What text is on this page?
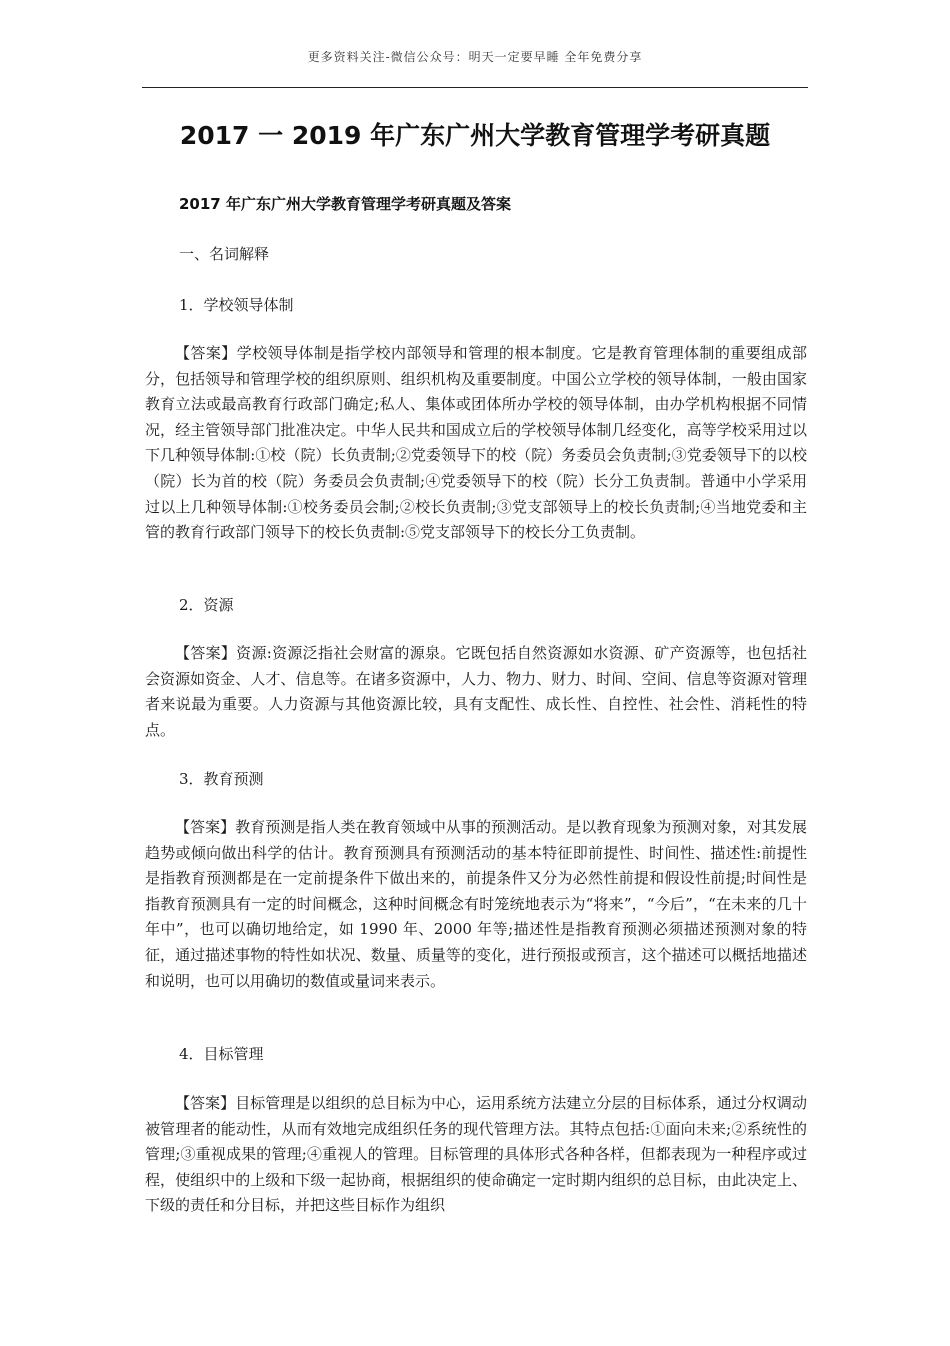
更多资料关注-微信公众号：明天一定要早睡 全年免费分享
2017 一 2019 年广东广州大学教育管理学考研真题
2017 年广东广州大学教育管理学考研真题及答案
一、名词解释
1．学校领导体制

【答案】学校领导体制是指学校内部领导和管理的根本制度。它是教育管理体制的重要组成部分，包括领导和管理学校的组织原则、组织机构及重要制度。中国公立学校的领导体制，一般由国家教育立法或最高教育行政部门确定;私人、集体或团体所办学校的领导体制，由办学机构根据不同情况，经主管领导部门批准决定。中华人民共和国成立后的学校领导体制几经变化，高等学校采用过以下几种领导体制:①校（院）长负责制;②党委领导下的校（院）务委员会负责制;③党委领导下的以校（院）长为首的校（院）务委员会负责制;④党委领导下的校（院）长分工负责制。普通中小学采用过以上几种领导体制:①校务委员会制;②校长负责制;③党支部领导上的校长负责制;④当地党委和主管的教育行政部门领导下的校长负责制:⑤党支部领导下的校长分工负责制。

2．资源

【答案】资源:资源泛指社会财富的源泉。它既包括自然资源如水资源、矿产资源等，也包括社会资源如资金、人才、信息等。在诸多资源中，人力、物力、财力、时间、空间、信息等资源对管理者来说最为重要。人力资源与其他资源比较，具有支配性、成长性、自控性、社会性、消耗性的特点。

3．教育预测

【答案】教育预测是指人类在教育领域中从事的预测活动。是以教育现象为预测对象，对其发展趋势或倾向做出科学的估计。教育预测具有预测活动的基本特征即前提性、时间性、描述性:前提性是指教育预测都是在一定前提条件下做出来的，前提条件又分为必然性前提和假设性前提;时间性是指教育预测具有一定的时间概念，这种时间概念有时笼统地表示为“将来”，“今后”，“在未来的几十年中”，也可以确切地给定，如 1990 年、2000 年等;描述性是指教育预测必须描述预测对象的特征，通过描述事物的特性如状况、数量、质量等的变化，进行预报或预言，这个描述可以概括地描述和说明，也可以用确切的数值或量词来表示。

4．目标管理

【答案】目标管理是以组织的总目标为中心，运用系统方法建立分层的目标体系，通过分权调动被管理者的能动性，从而有效地完成组织任务的现代管理方法。其特点包括:①面向未来;②系统性的管理;③重视成果的管理;④重视人的管理。目标管理的具体形式各种各样，但都表现为一种程序或过程，使组织中的上级和下级一起协商，根据组织的使命确定一定时期内组织的总目标，由此决定上、下级的责任和分目标，并把这些目标作为组织
